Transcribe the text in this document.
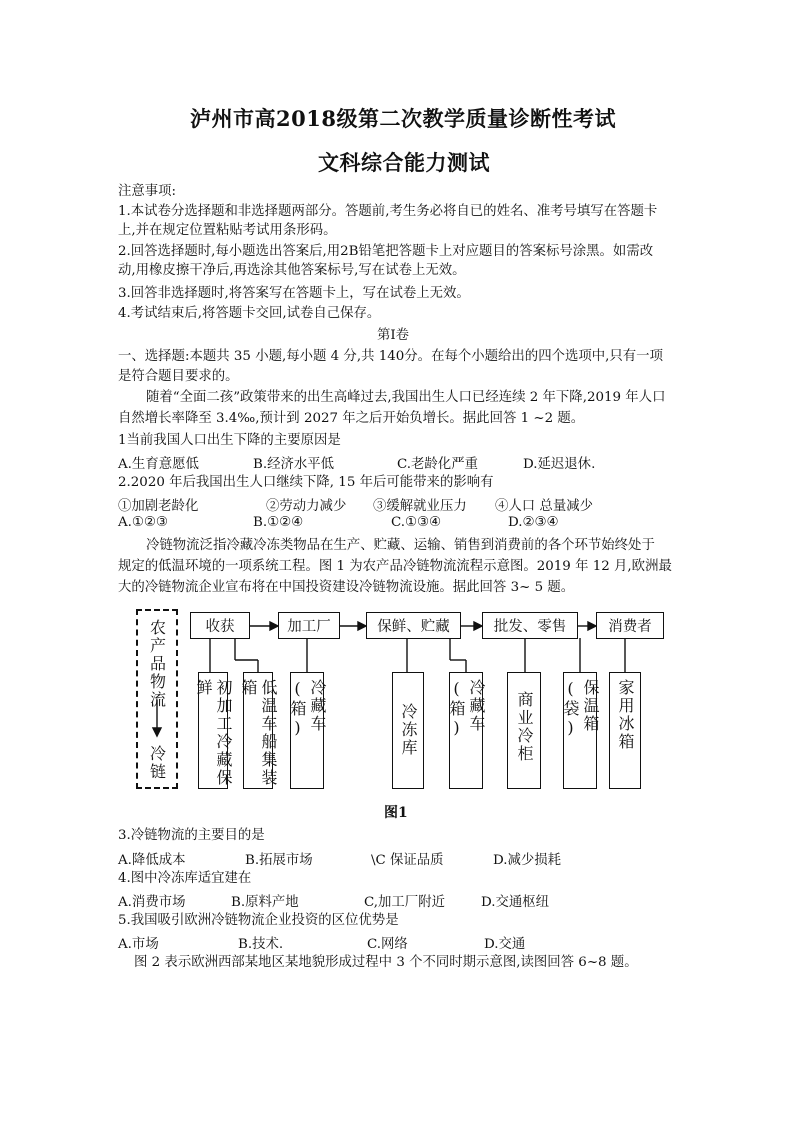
泸州市高2018级第二次教学质量诊断性考试
文科综合能力测试
注意事项:
1.本试卷分选择题和非选择题两部分。答题前,考生务必将自已的姓名、准考号填写在答题卡
上,并在规定位置粘贴考试用条形码。
2.回答选择题时,每小题选出答案后,用2B铅笔把答题卡上对应题目的答案标号涂黑。如需改
动,用橡皮擦干净后,再选涂其他答案标号,写在试卷上无效。
3.回答非选择题时,将答案写在答题卡上，写在试卷上无效。
4.考试结束后,将答题卡交回,试卷自己保存。
第Ⅰ卷
一、选择题:本题共 35 小题,每小题 4 分,共 140分。在每个小题给出的四个选项中,只有一项
是符合题目要求的。
随着“全面二孩”政策带来的出生高峰过去,我国出生人口已经连续 2 年下降,2019 年人口
自然增长率降至 3.4‰,预计到 2027 年之后开始负增长。据此回答 1 ~2 题。
1当前我国人口出生下降的主要原因是
A.生育意愿低	B.经济水平低	C.老龄化严重	D.延迟退休.
2.2020 年后我国出生人口继续下降, 15 年后可能带来的影响有
①加剧老龄化	②劳动力减少 ③缓解就业压力 ④人口 总量减少
A.①②③	B.①②④	C.①③④	D.②③④
冷链物流泛指冷藏冷冻类物品在生产、贮藏、运输、销售到消费前的各个环节始终处于
规定的低温环境的一项系统工程。图 1 为农产品冷链物流流程示意图。2019 年 12 月,欧洲最
大的冷链物流企业宣布将在中国投资建设冷链物流设施。据此回答 3~ 5 题。
农产品物流
冷链
收获	加工厂	保鲜、贮藏	批发、零售	消费者
初加工冷藏保鲜	低温车船集装箱	冷藏车(箱)	冷冻库	冷藏车(箱)	商业冷柜	保温箱(袋)	家用冰箱
图1
3.冷链物流的主要目的是
A.降低成本	B.拓展市场	\C 保证品质	D.减少损耗
4.图中冷冻库适宜建在
A.消费市场	B.原料产地	C,加工厂附近	D.交通枢纽
5.我国吸引欧洲冷链物流企业投资的区位优势是
A.市场	B.技术.	C.网络	D.交通
图 2 表示欧洲西部某地区某地貌形成过程中 3 个不同时期示意图,读图回答 6~8 题。
